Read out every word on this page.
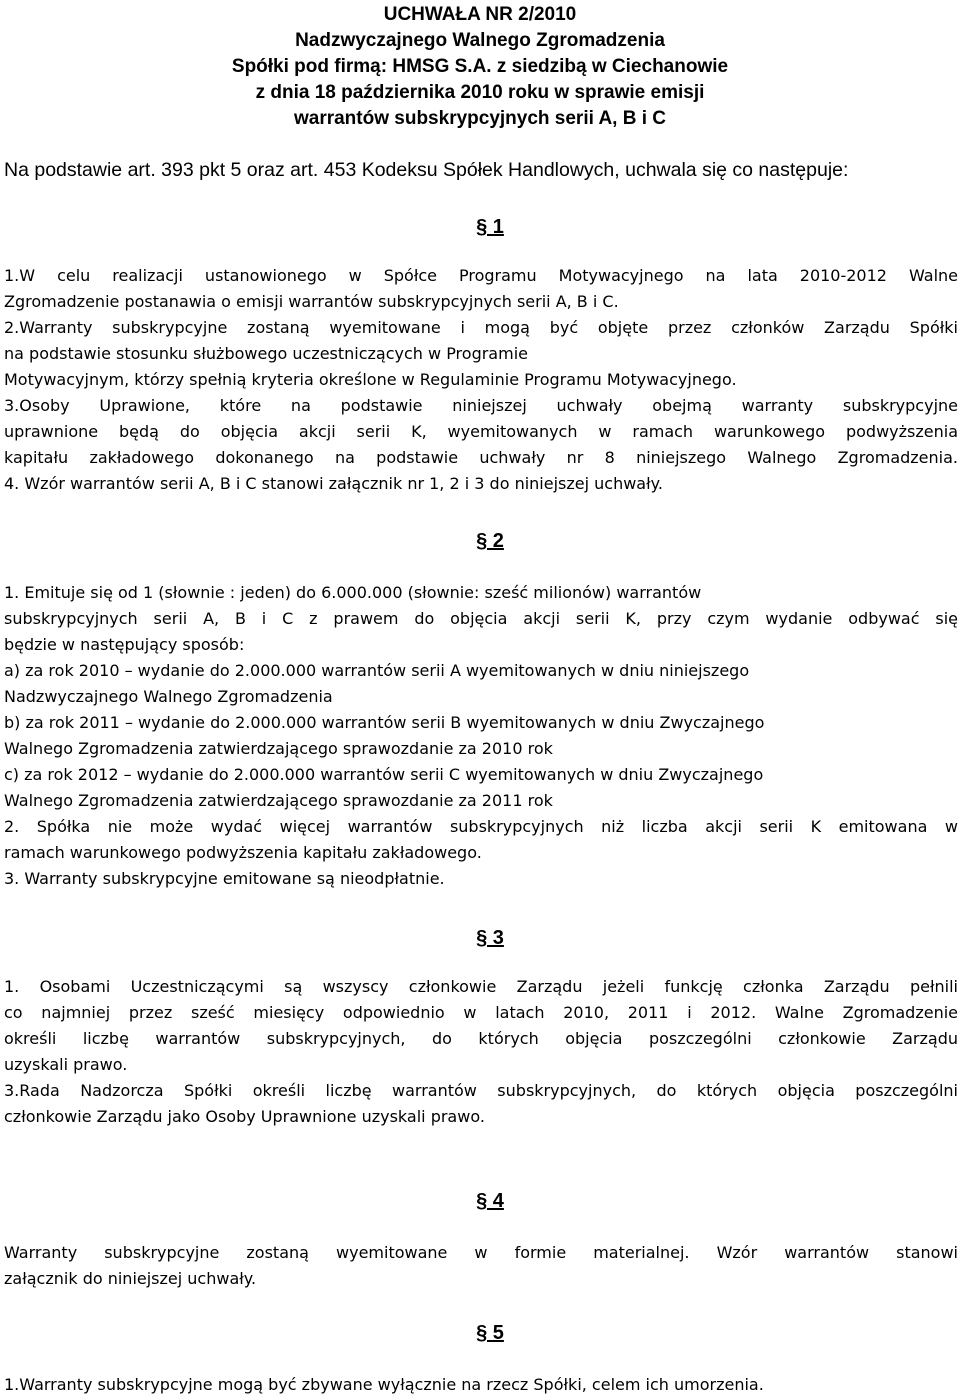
UCHWAŁA NR 2/2010
Nadzwyczajnego Walnego Zgromadzenia
Spółki pod firmą: HMSG S.A. z siedzibą w Ciechanowie
z dnia 18 października 2010 roku w sprawie emisji
warrantów subskrypcyjnych serii A, B i C
Na podstawie art. 393 pkt 5 oraz art. 453 Kodeksu Spółek Handlowych, uchwala się co następuje:
§ 1
1.W celu realizacji ustanowionego w Spółce Programu Motywacyjnego na lata 2010-2012 Walne
Zgromadzenie postanawia o emisji warrantów subskrypcyjnych serii A, B i C.
2.Warranty subskrypcyjne zostaną wyemitowane i mogą być objęte przez członków Zarządu Spółki
na podstawie stosunku służbowego uczestniczących w Programie
Motywacyjnym, którzy spełnią kryteria określone w Regulaminie Programu Motywacyjnego.
3.Osoby Uprawione, które na podstawie niniejszej uchwały obejmą warranty subskrypcyjne
uprawnione będą do objęcia akcji serii K, wyemitowanych w ramach warunkowego podwyższenia
kapitału zakładowego dokonanego na podstawie uchwały nr 8 niniejszego Walnego Zgromadzenia.
4. Wzór warrantów serii A, B i C stanowi załącznik nr 1, 2 i 3 do niniejszej uchwały.
§ 2
1. Emituje się od 1 (słownie : jeden) do 6.000.000 (słownie: sześć milionów) warrantów
subskrypcyjnych serii A, B i C z prawem do objęcia akcji serii K, przy czym wydanie odbywać się
będzie w następujący sposób:
a) za rok 2010 – wydanie do 2.000.000 warrantów serii A wyemitowanych w dniu niniejszego
Nadzwyczajnego Walnego Zgromadzenia
b) za rok 2011 – wydanie do 2.000.000 warrantów serii B wyemitowanych w dniu Zwyczajnego
Walnego Zgromadzenia zatwierdzającego sprawozdanie za 2010 rok
c) za rok 2012 – wydanie do 2.000.000 warrantów serii C wyemitowanych w dniu Zwyczajnego
Walnego Zgromadzenia zatwierdzającego sprawozdanie za 2011 rok
2. Spółka nie może wydać więcej warrantów subskrypcyjnych niż liczba akcji serii K emitowana w
ramach warunkowego podwyższenia kapitału zakładowego.
3. Warranty subskrypcyjne emitowane są nieodpłatnie.
§ 3
1. Osobami Uczestniczącymi są wszyscy członkowie Zarządu jeżeli funkcję członka Zarządu pełnili
co najmniej przez sześć miesięcy odpowiednio w latach 2010, 2011 i 2012. Walne Zgromadzenie
określi liczbę warrantów subskrypcyjnych, do których objęcia poszczególni członkowie Zarządu
uzyskali prawo.
3.Rada Nadzorcza Spółki określi liczbę warrantów subskrypcyjnych, do których objęcia poszczególni
członkowie Zarządu jako Osoby Uprawnione uzyskali prawo.
§ 4
Warranty subskrypcyjne zostaną wyemitowane w formie materialnej. Wzór warrantów stanowi
załącznik do niniejszej uchwały.
§ 5
1.Warranty subskrypcyjne mogą być zbywane wyłącznie na rzecz Spółki, celem ich umorzenia.
